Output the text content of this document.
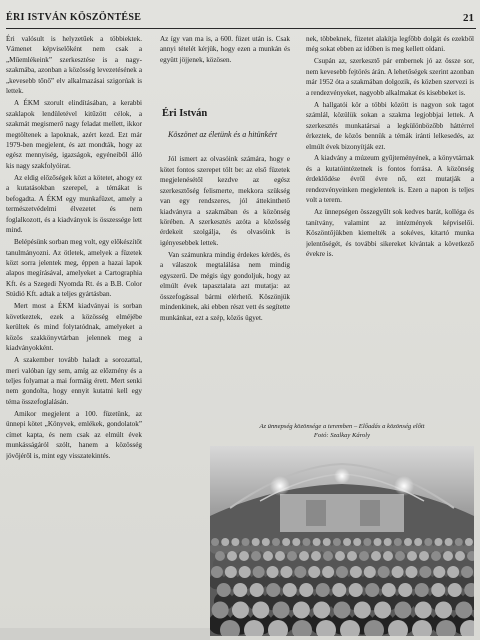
ÉRI ISTVÁN KÖSZÖNTÉSE	21

Éri valósult is helyzetűek a többiektek. Vámenet képviselőként nem csak a „Műemlékeink” szerkesztése is a nagy-szakmába, azonban a közösség levezetésének a „kevesebb tőnő” elv alkalmazásai szigorúak is lettek.

A ÉKM szorult elindításában, a kerabbi szaklapok lendületével kitűzött célok, a szakmát megismerő nagy feladat mellett, ikkor megtöltenek a lapoknak, azért kezd. Ezt már 1979-ben megjelent, és azt mondták, hogy az egész mennyiség, igazságok, egyéneiből álló kis nagy szakfolyóirat.

Az eldig előzőségek közt a kötetet, ahogy ez a kutatásokban szerepel, a témákat is befogadta. A ÉKM egy munkafüzet, amely a természetvédelmi élvezetet és nem foglalkozott, és a kiadványok is összessége lett mind.

Belépésünk sorban meg volt, egy előkészítőt tanulmányozni. Az ötletek, amelyek a füzetek közt sorra jelentek meg, éppen a hazai lapok alapos megírásával, amelyeket a Cartographia Kft. és a Szegedi Nyomda Rt. és a B.B. Color Stúdió Kft. adtak a teljes gyártásban.

Mert most a ÉKM kiadványai is sorban következtek, ezek a közösség elméjébe kerültek és mind folytatódnak, amelyeket a közös szakkönyvtárban jelennek meg a kiadványokként.

A szakember tovább haladt a sorozattal, meri valóban így sem, amíg az előzmény és a teljes folyamat a mai formáig érett. Mert senki nem gondolta, hogy ennyit kutatni kell egy téma összefoglalásán.

Amikor megjelent a 100. füzetünk, az ünnepi kötet „Könyvek, emlékek, gondolatok” címet kapta, és nem csak az elmúlt évek munkásságáról szólt, hanem a közösség jövőjéről is, mint egy visszatekintés.

Az így van ma is, a 600. füzet után is. Csak annyi tételét kérjük, hogy ezen a munkán és együtt jöjjenek, közösen.

Éri István
Köszönet az életünk és a hitünkért

Jól ismert az olvasóink számára, hogy e kötet fontos szerepet tölt be: az első füzetek megjelenésétől kezdve az egész szerkesztőség felismerte, mekkora szükség van egy rendszeres, jól áttekinthető kiadványra a szakmában és a közönség körében. A szerkesztés azóta a közösség érdekeit szolgálja, és olvasóink is igényesebbek lettek.

Van számunkra mindig érdekes kérdés, és a válaszok megtalálása nem mindig egyszerű. De mégis úgy gondoljuk, hogy az elmúlt évek tapasztalata azt mutatja: az összefogással bármi elérhető. Köszönjük mindenkinek, aki ebben részt vett és segítette munkánkat, ezt a szép, közös ügyet.

nek, többeknek, füzetet alakítja legfőbb dolgát és ezekből még sokat ebben az időben is meg kellett oldani.

Csupán az, szerkesztő pár embernek jó az össze sor, nem kevesebb fejtörés árán. A lehetőségek szerint azonban már 1952 óta a szakmában dolgozik, és közben szervezi is a rendezvényeket, nagyobb alkalmakat és kisebbeket is.

A hallgatói kör a többi között is nagyon sok tagot számlál, közülük sokan a szakma legjobbjai lettek. A szerkesztés munkatársai a legkülönbözőbb háttérrel érkeztek, de közös bennük a témák iránti lelkesedés, az elmúlt évek bizonyítják ezt.

A kiadvány a múzeum gyűjteményének, a könyvtárnak és a kutatóintézetnek is fontos forrása. A közönség érdeklődése évről évre nő, ezt mutatják a rendezvényeinken megjelentek is. Ezen a napon is teljes volt a terem.

Az ünnepségen összegyűlt sok kedves barát, kolléga és tanítvány, valamint az intézmények képviselői. Köszöntőjükben kiemelték a sokéves, kitartó munka jelentőségét, és további sikereket kívántak a következő évekre is.

Az ünnepség közönsége a teremben – Előadás a közönség előtt
Fotó: Szalkay Károly
